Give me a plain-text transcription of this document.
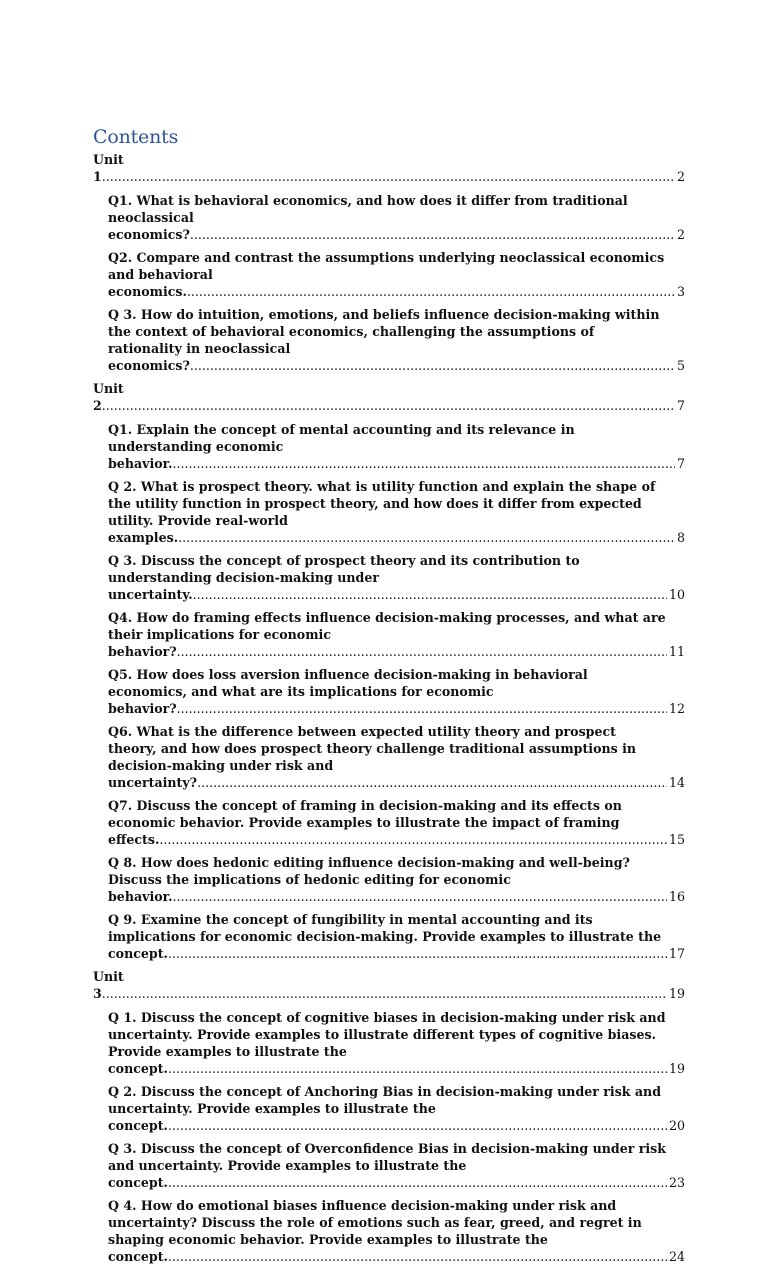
Contents
Unit 1 .....	2
Q1. What is behavioral economics, and how does it differ from traditional neoclassical economics? .....	2
Q2. Compare and contrast the assumptions underlying neoclassical economics and behavioral economics. .....	3
Q 3. How do intuition, emotions, and beliefs influence decision-making within the context of behavioral economics, challenging the assumptions of rationality in neoclassical economics? .....	5
Unit 2 .....	7
Q1. Explain the concept of mental accounting and its relevance in understanding economic behavior. .....	7
Q 2. What is prospect theory. what is utility function and explain the shape of the utility function in prospect theory, and how does it differ from expected utility. Provide real-world examples. .....	8
Q 3. Discuss the concept of prospect theory and its contribution to understanding decision-making under uncertainty. .....	10
Q4. How do framing effects influence decision-making processes, and what are their implications for economic behavior? .....	11
Q5. How does loss aversion influence decision-making in behavioral economics, and what are its implications for economic behavior? .....	12
Q6. What is the difference between expected utility theory and prospect theory, and how does prospect theory challenge traditional assumptions in decision-making under risk and uncertainty? .....	14
Q7. Discuss the concept of framing in decision-making and its effects on economic behavior. Provide examples to illustrate the impact of framing effects. .....	15
Q 8. How does hedonic editing influence decision-making and well-being? Discuss the implications of hedonic editing for economic behavior. .....	16
Q 9. Examine the concept of fungibility in mental accounting and its implications for economic decision-making. Provide examples to illustrate the concept. .....	17
Unit 3 .....	19
Q 1. Discuss the concept of cognitive biases in decision-making under risk and uncertainty. Provide examples to illustrate different types of cognitive biases. Provide examples to illustrate the concept. .....	19
Q 2. Discuss the concept of Anchoring Bias in decision-making under risk and uncertainty. Provide examples to illustrate the concept. .....	20
Q 3. Discuss the concept of Overconfidence Bias in decision-making under risk and uncertainty. Provide examples to illustrate the concept. .....	23
Q 4. How do emotional biases influence decision-making under risk and uncertainty? Discuss the role of emotions such as fear, greed, and regret in shaping economic behavior. Provide examples to illustrate the concept. .....	24
